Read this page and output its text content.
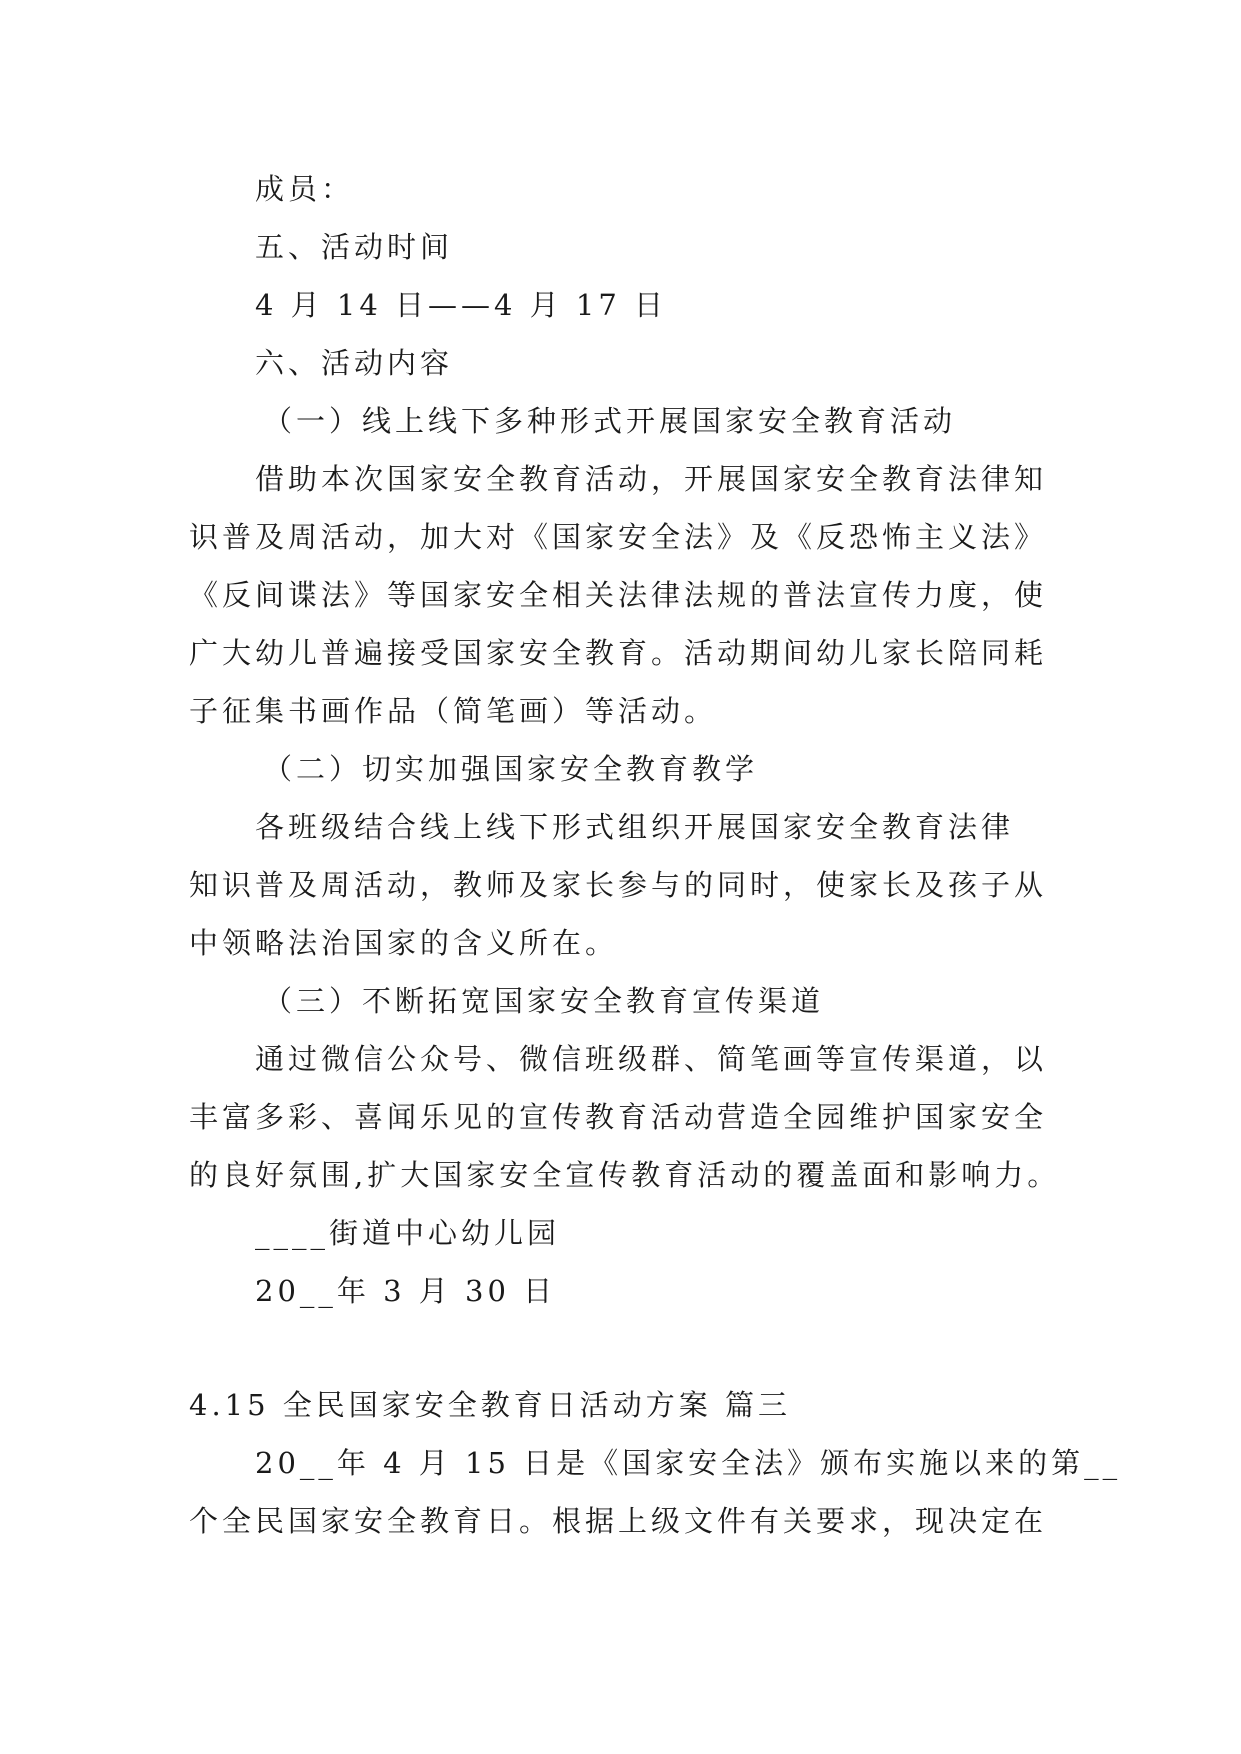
成员：
五、活动时间
4 月 14 日——4 月 17 日
六、活动内容
（一）线上线下多种形式开展国家安全教育活动
借助本次国家安全教育活动，开展国家安全教育法律知
识普及周活动，加大对《国家安全法》及《反恐怖主义法》
《反间谍法》等国家安全相关法律法规的普法宣传力度，使
广大幼儿普遍接受国家安全教育。活动期间幼儿家长陪同耗
子征集书画作品（简笔画）等活动。
（二）切实加强国家安全教育教学
各班级结合线上线下形式组织开展国家安全教育法律
知识普及周活动，教师及家长参与的同时，使家长及孩子从
中领略法治国家的含义所在。
（三）不断拓宽国家安全教育宣传渠道
通过微信公众号、微信班级群、简笔画等宣传渠道，以
丰富多彩、喜闻乐见的宣传教育活动营造全园维护国家安全
的良好氛围,扩大国家安全宣传教育活动的覆盖面和影响力。
____街道中心幼儿园
20__年 3 月 30 日
4.15 全民国家安全教育日活动方案 篇三
20__年 4 月 15 日是《国家安全法》颁布实施以来的第__
个全民国家安全教育日。根据上级文件有关要求，现决定在
